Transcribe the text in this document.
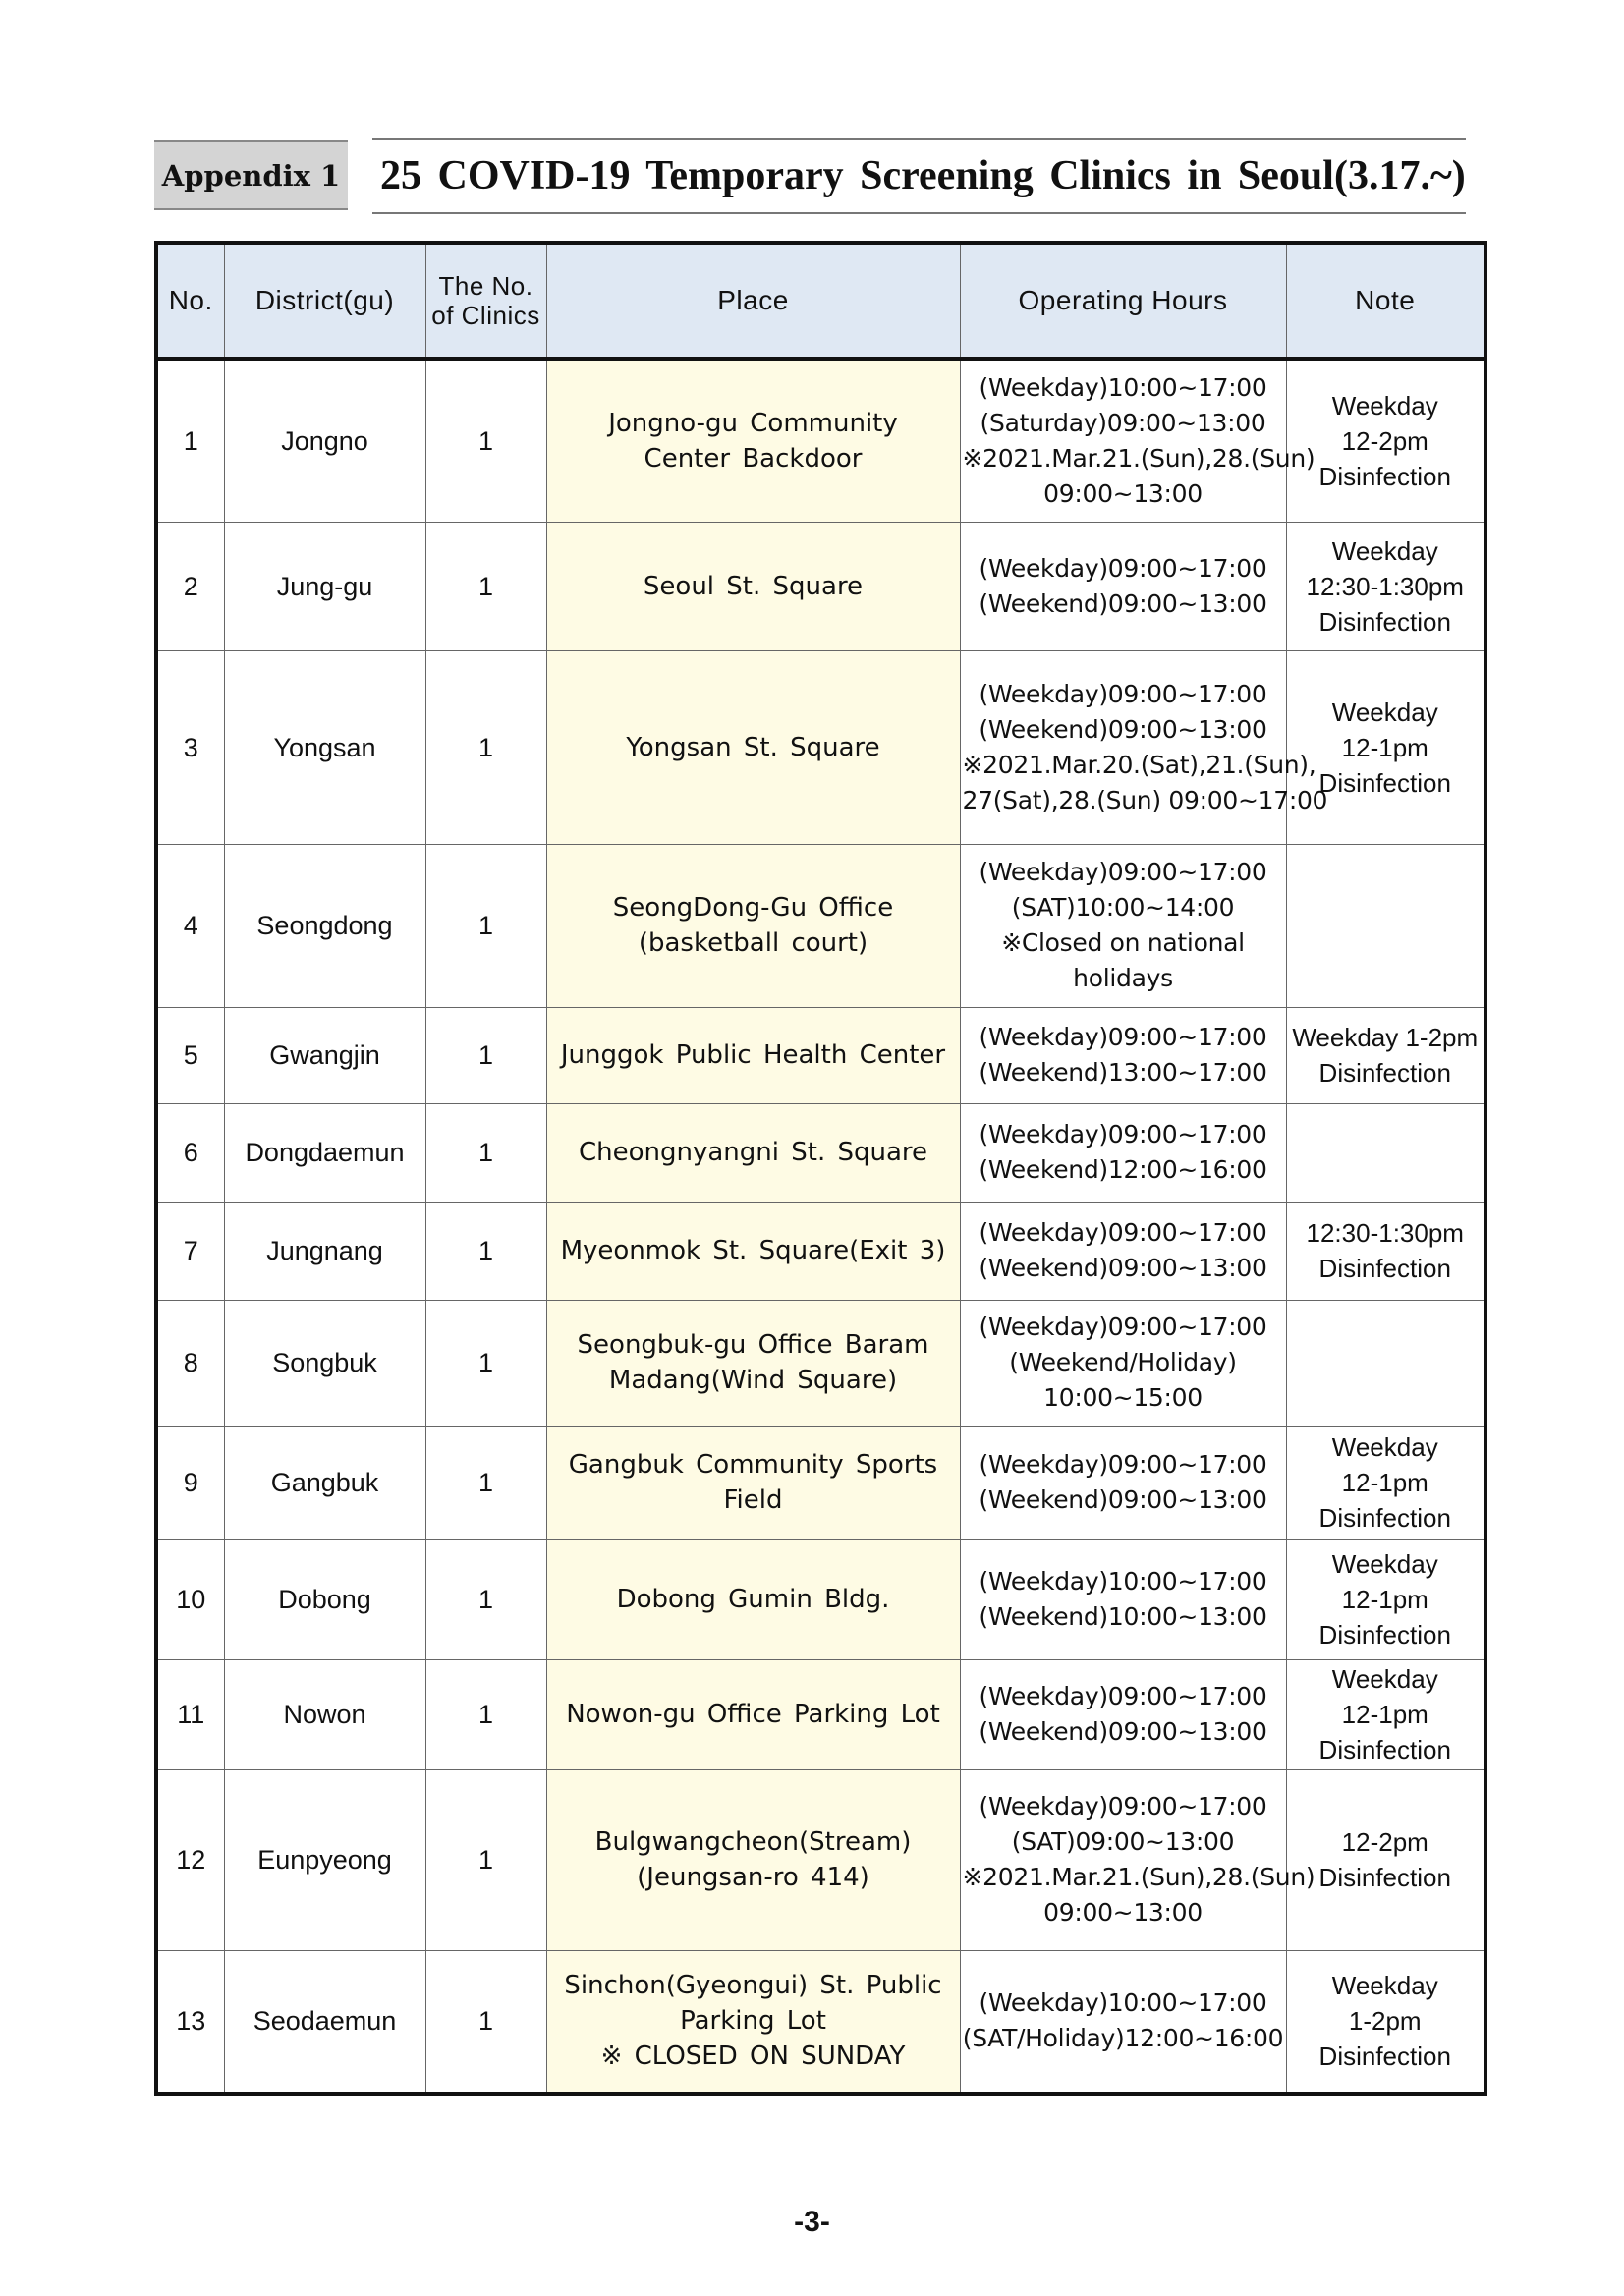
Appendix 1 25 COVID-19 Temporary Screening Clinics in Seoul(3.17.~)
No.	District(gu)	The No. of Clinics	Place	Operating Hours	Note
1	Jongno	1	Jongno-gu Community
Center Backdoor	(Weekday)10:00~17:00
(Saturday)09:00~13:00
※2021.Mar.21.(Sun),28.(Sun)
09:00~13:00	Weekday
12-2pm
Disinfection

2	Jung-gu	1	Seoul St. Square	(Weekday)09:00~17:00
(Weekend)09:00~13:00	Weekday
12:30-1:30pm
Disinfection

3	Yongsan	1	Yongsan St. Square	(Weekday)09:00~17:00
(Weekend)09:00~13:00
※2021.Mar.20.(Sat),21.(Sun),
27(Sat),28.(Sun) 09:00~17:00	Weekday
12-1pm
Disinfection

4	Seongdong	1	SeongDong-Gu Office
(basketball court)	(Weekday)09:00~17:00
(SAT)10:00~14:00
※Closed on national
holidays	

5	Gwangjin	1	Junggok Public Health Center	(Weekday)09:00~17:00
(Weekend)13:00~17:00	Weekday 1-2pm
Disinfection

6	Dongdaemun	1	Cheongnyangni St. Square	(Weekday)09:00~17:00
(Weekend)12:00~16:00	

7	Jungnang	1	Myeonmok St. Square(Exit 3)	(Weekday)09:00~17:00
(Weekend)09:00~13:00	12:30-1:30pm
Disinfection

8	Songbuk	1	Seongbuk-gu Office Baram
Madang(Wind Square)	(Weekday)09:00~17:00
(Weekend/Holiday)
10:00~15:00	

9	Gangbuk	1	Gangbuk Community Sports
Field	(Weekday)09:00~17:00
(Weekend)09:00~13:00	Weekday
12-1pm
Disinfection

10	Dobong	1	Dobong Gumin Bldg.	(Weekday)10:00~17:00
(Weekend)10:00~13:00	Weekday
12-1pm
Disinfection

11	Nowon	1	Nowon-gu Office Parking Lot	(Weekday)09:00~17:00
(Weekend)09:00~13:00	Weekday
12-1pm
Disinfection

12	Eunpyeong	1	Bulgwangcheon(Stream)
(Jeungsan-ro 414)	(Weekday)09:00~17:00
(SAT)09:00~13:00
※2021.Mar.21.(Sun),28.(Sun)
09:00~13:00	12-2pm
Disinfection

13	Seodaemun	1	Sinchon(Gyeongui) St. Public
Parking Lot
※ CLOSED ON SUNDAY	(Weekday)10:00~17:00
(SAT/Holiday)12:00~16:00	Weekday
1-2pm
Disinfection
-3-
